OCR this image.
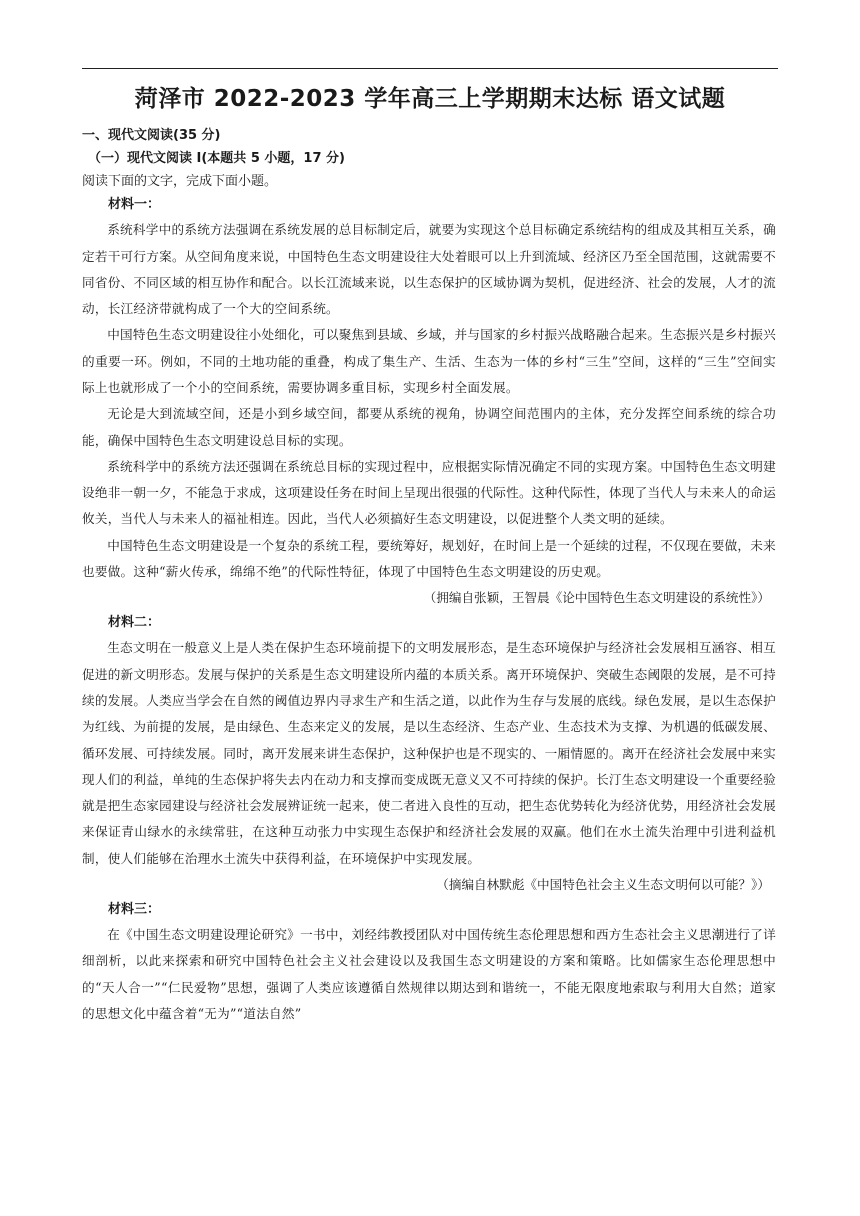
菏泽市 2022-2023 学年高三上学期期末达标 语文试题
一、现代文阅读(35 分)
（一）现代文阅读 I(本题共 5 小题，17 分)
阅读下面的文字，完成下面小题。
材料一：

系统科学中的系统方法强调在系统发展的总目标制定后，就要为实现这个总目标确定系统结构的组成及其相互关系，确定若干可行方案。从空间角度来说，中国特色生态文明建设往大处着眼可以上升到流域、经济区乃至全国范围，这就需要不同省份、不同区域的相互协作和配合。以长江流域来说，以生态保护的区域协调为契机，促进经济、社会的发展，人才的流动，长江经济带就构成了一个大的空间系统。

中国特色生态文明建设往小处细化，可以聚焦到县域、乡域，并与国家的乡村振兴战略融合起来。生态振兴是乡村振兴的重要一环。例如，不同的土地功能的重叠，构成了集生产、生活、生态为一体的乡村“三生”空间，这样的“三生”空间实际上也就形成了一个小的空间系统，需要协调多重目标，实现乡村全面发展。

无论是大到流域空间，还是小到乡域空间，都要从系统的视角，协调空间范围内的主体，充分发挥空间系统的综合功能，确保中国特色生态文明建设总目标的实现。

系统科学中的系统方法还强调在系统总目标的实现过程中，应根据实际情况确定不同的实现方案。中国特色生态文明建设绝非一朝一夕，不能急于求成，这项建设任务在时间上呈现出很强的代际性。这种代际性，体现了当代人与未来人的命运攸关，当代人与未来人的福祉相连。因此，当代人必须搞好生态文明建设，以促进整个人类文明的延续。

中国特色生态文明建设是一个复杂的系统工程，要统筹好，规划好，在时间上是一个延续的过程，不仅现在要做，未来也要做。这种“薪火传承，绵绵不绝”的代际性特征，体现了中国特色生态文明建设的历史观。

（拥编自张颖，王智晨《论中国特色生态文明建设的系统性》）
材料二：

生态文明在一般意义上是人类在保护生态环境前提下的文明发展形态，是生态环境保护与经济社会发展相互涵容、相互促进的新文明形态。发展与保护的关系是生态文明建设所内蕴的本质关系。离开环境保护、突破生态阈限的发展，是不可持续的发展。人类应当学会在自然的阈值边界内寻求生产和生活之道，以此作为生存与发展的底线。绿色发展，是以生态保护为红线、为前提的发展，是由绿色、生态来定义的发展，是以生态经济、生态产业、生态技术为支撑、为机遇的低碳发展、循环发展、可持续发展。同时，离开发展来讲生态保护，这种保护也是不现实的、一厢情愿的。离开在经济社会发展中来实现人们的利益，单纯的生态保护将失去内在动力和支撑而变成既无意义又不可持续的保护。长汀生态文明建设一个重要经验就是把生态家园建设与经济社会发展辨证统一起来，使二者进入良性的互动，把生态优势转化为经济优势，用经济社会发展来保证青山绿水的永续常驻，在这种互动张力中实现生态保护和经济社会发展的双赢。他们在水土流失治理中引进利益机制，使人们能够在治理水土流失中获得利益，在环境保护中实现发展。

（摘编自林默彪《中国特色社会主义生态文明何以可能？》）
材料三：

在《中国生态文明建设理论研究》一书中，刘经纬教授团队对中国传统生态伦理思想和西方生态社会主义思潮进行了详细剖析，以此来探索和研究中国特色社会主义社会建设以及我国生态文明建设的方案和策略。比如儒家生态伦理思想中的“天人合一”“仁民爱物”思想，强调了人类应该遵循自然规律以期达到和谐统一，不能无限度地索取与利用大自然；道家的思想文化中蕴含着“无为”“道法自然”
